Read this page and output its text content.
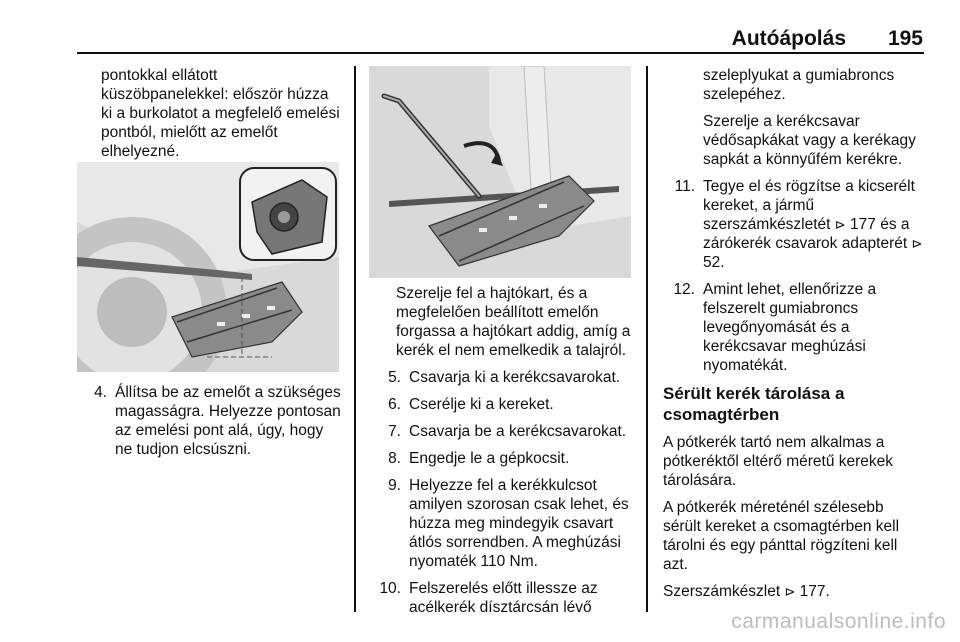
Autóápolás 195

pontokkal ellátott küszöbpanelekkel: először húzza ki a burkolatot a megfelelő emelési pontból, mielőtt az emelőt elhelyezné.

4. Állítsa be az emelőt a szükséges magasságra. Helyezze pontosan az emelési pont alá, úgy, hogy ne tudjon elcsúszni.

Szerelje fel a hajtókart, és a megfelelően beállított emelőn forgassa a hajtókart addig, amíg a kerék el nem emelkedik a talajról.

5. Csavarja ki a kerékcsavarokat.
6. Cserélje ki a kereket.
7. Csavarja be a kerékcsavarokat.
8. Engedje le a gépkocsit.
9. Helyezze fel a kerékkulcsot amilyen szorosan csak lehet, és húzza meg mindegyik csavart átlós sorrendben. A meghúzási nyomaték 110 Nm.
10. Felszerelés előtt illessze az acélkerék dísztárcsán lévő

szeleplyukat a gumiabroncs szelepéhez.

Szerelje a kerékcsavar védősapkákat vagy a kerékagy sapkát a könnyűfém kerékre.

11. Tegye el és rögzítse a kicserélt kereket, a jármű szerszámkészletét ⊳ 177 és a zárókerék csavarok adapterét ⊳ 52.
12. Amint lehet, ellenőrizze a felszerelt gumiabroncs levegőnyomását és a kerékcsavar meghúzási nyomatékát.
Sérült kerék tárolása a csomagtérben

A pótkerék tartó nem alkalmas a pótkeréktől eltérő méretű kerekek tárolására.

A pótkerék méreténél szélesebb sérült kereket a csomagtérben kell tárolni és egy pánttal rögzíteni kell azt.

Szerszámkészlet ⊳ 177.

carmanualsonline.info
